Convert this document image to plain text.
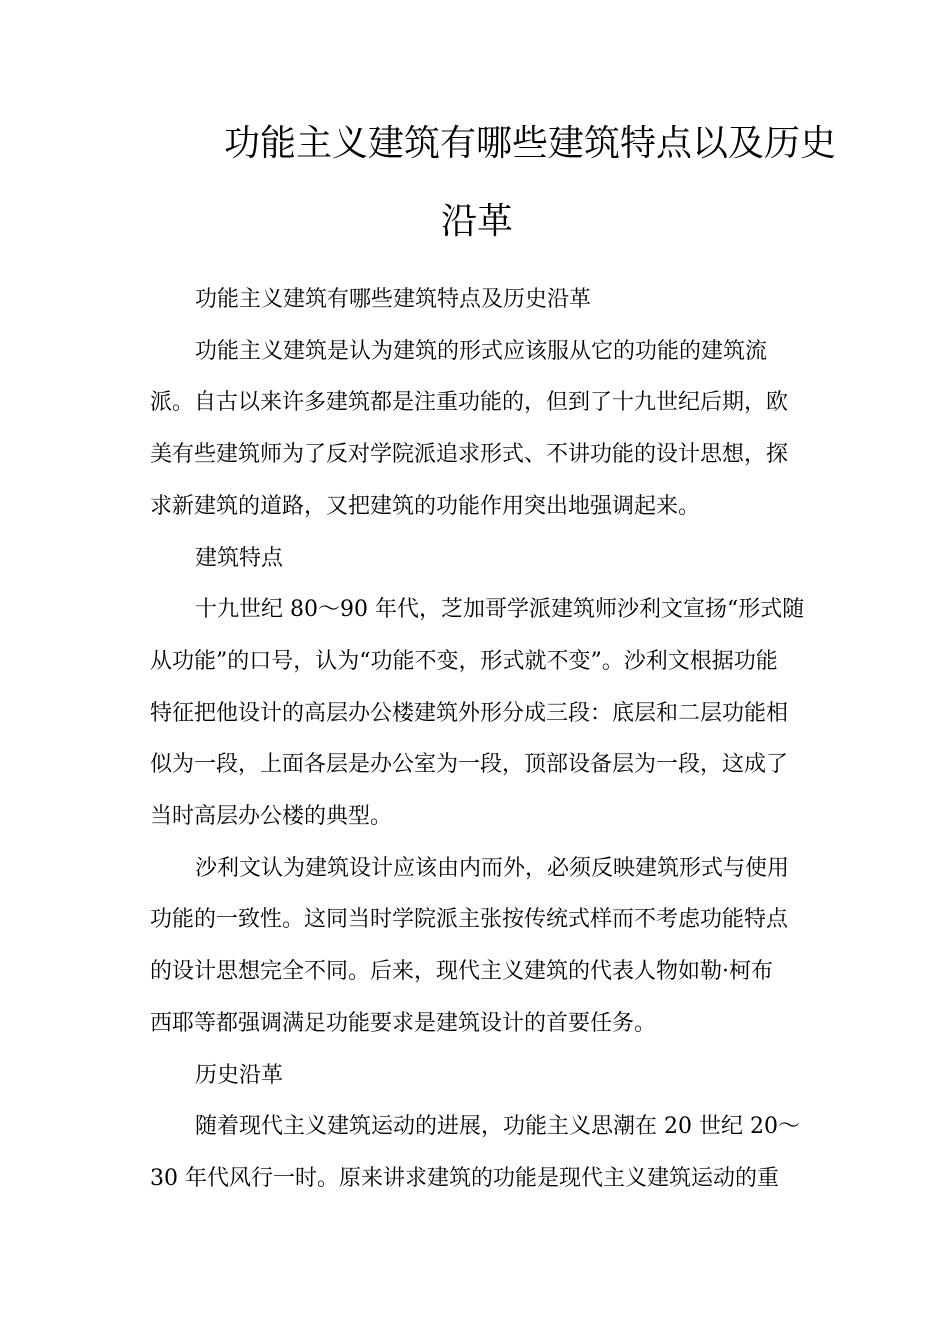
功能主义建筑有哪些建筑特点以及历史
沿革

功能主义建筑有哪些建筑特点及历史沿革

功能主义建筑是认为建筑的形式应该服从它的功能的建筑流
派。自古以来许多建筑都是注重功能的，但到了十九世纪后期，欧
美有些建筑师为了反对学院派追求形式、不讲功能的设计思想，探
求新建筑的道路，又把建筑的功能作用突出地强调起来。

建筑特点

十九世纪 80～90 年代，芝加哥学派建筑师沙利文宣扬“形式随
从功能”的口号，认为“功能不变，形式就不变”。沙利文根据功能
特征把他设计的高层办公楼建筑外形分成三段：底层和二层功能相
似为一段，上面各层是办公室为一段，顶部设备层为一段，这成了
当时高层办公楼的典型。

沙利文认为建筑设计应该由内而外，必须反映建筑形式与使用
功能的一致性。这同当时学院派主张按传统式样而不考虑功能特点
的设计思想完全不同。后来，现代主义建筑的代表人物如勒·柯布
西耶等都强调满足功能要求是建筑设计的首要任务。

历史沿革

随着现代主义建筑运动的进展，功能主义思潮在 20 世纪 20～
30 年代风行一时。原来讲求建筑的功能是现代主义建筑运动的重
